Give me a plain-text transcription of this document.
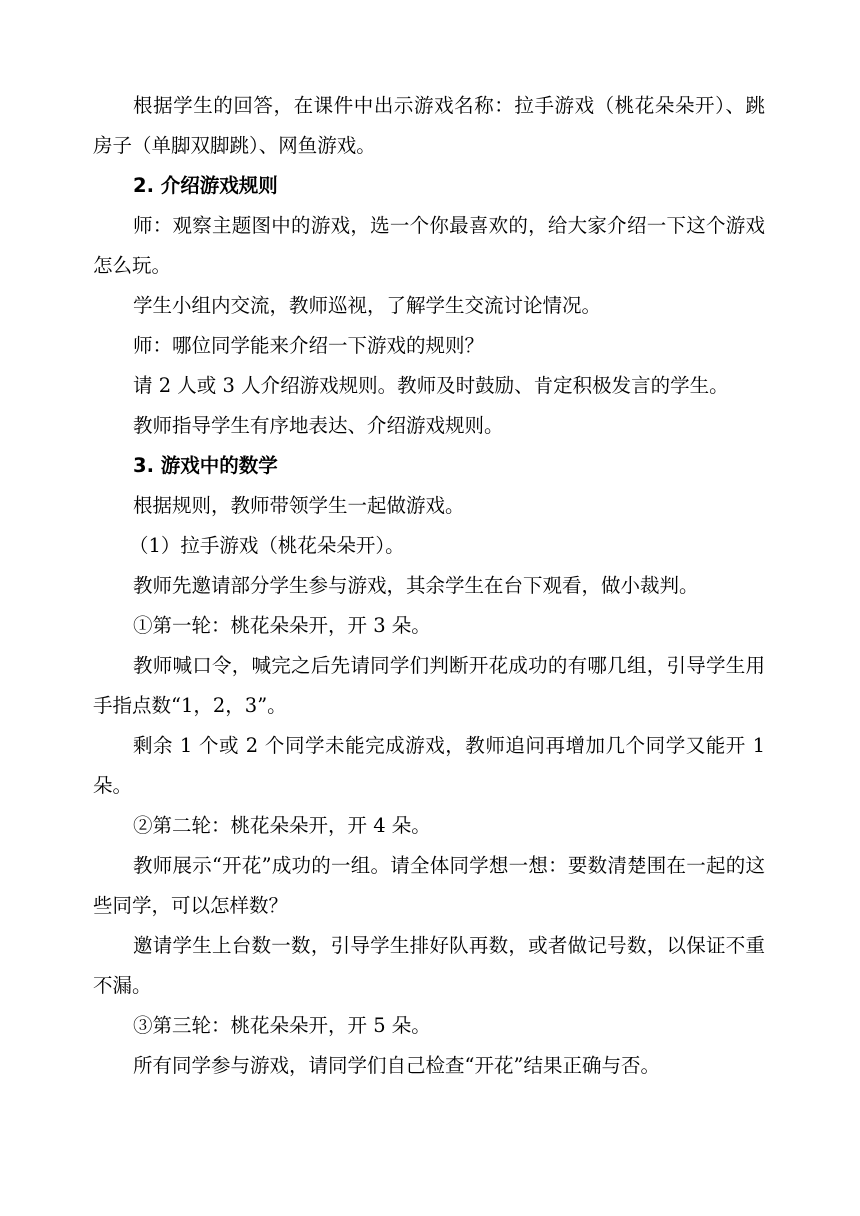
根据学生的回答，在课件中出示游戏名称：拉手游戏（桃花朵朵开）、跳房子（单脚双脚跳）、网鱼游戏。

2. 介绍游戏规则

师：观察主题图中的游戏，选一个你最喜欢的，给大家介绍一下这个游戏怎么玩。

学生小组内交流，教师巡视，了解学生交流讨论情况。

师：哪位同学能来介绍一下游戏的规则？

请 2 人或 3 人介绍游戏规则。教师及时鼓励、肯定积极发言的学生。

教师指导学生有序地表达、介绍游戏规则。

3. 游戏中的数学

根据规则，教师带领学生一起做游戏。

（1）拉手游戏（桃花朵朵开）。

教师先邀请部分学生参与游戏，其余学生在台下观看，做小裁判。

①第一轮：桃花朵朵开，开 3 朵。

教师喊口令，喊完之后先请同学们判断开花成功的有哪几组，引导学生用手指点数“1，2，3”。

剩余 1 个或 2 个同学未能完成游戏，教师追问再增加几个同学又能开 1 朵。

②第二轮：桃花朵朵开，开 4 朵。

教师展示“开花”成功的一组。请全体同学想一想：要数清楚围在一起的这些同学，可以怎样数？

邀请学生上台数一数，引导学生排好队再数，或者做记号数，以保证不重不漏。

③第三轮：桃花朵朵开，开 5 朵。

所有同学参与游戏，请同学们自己检查“开花”结果正确与否。
